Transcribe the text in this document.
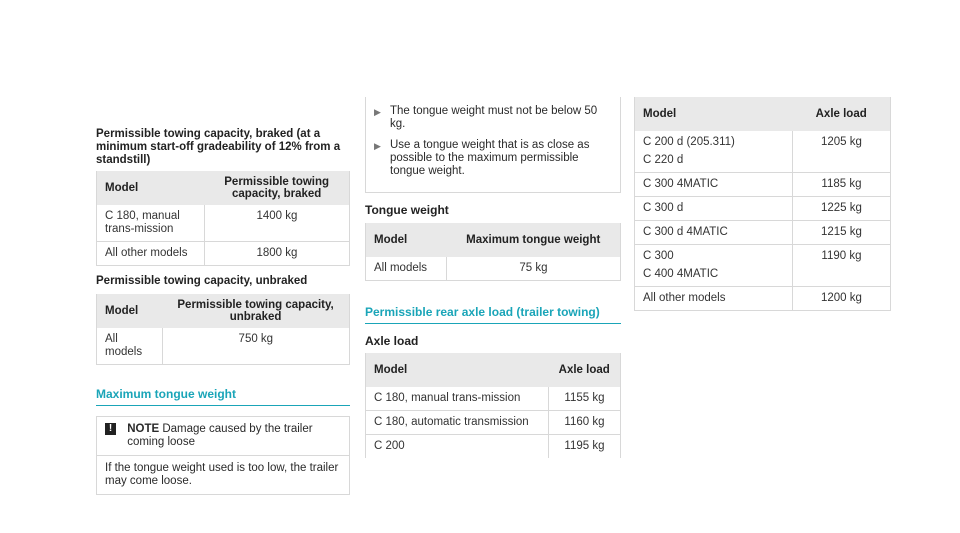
Permissible towing capacity, braked (at a minimum start-off gradeability of 12% from a standstill)
Model	Permissible towing capacity, braked
C 180, manual trans-mission	1400 kg
All other models	1800 kg
Permissible towing capacity, unbraked
Model	Permissible towing capacity, unbraked
All models	750 kg
Maximum tongue weight
! NOTE Damage caused by the trailer coming loose
If the tongue weight used is too low, the trailer may come loose.
▶ The tongue weight must not be below 50 kg.
▶ Use a tongue weight that is as close as possible to the maximum permissible tongue weight.
Tongue weight
Model	Maximum tongue weight
All models	75 kg
Permissible rear axle load (trailer towing)
Axle load
Model	Axle load
C 180, manual trans-mission	1155 kg
C 180, automatic transmission	1160 kg
C 200	1195 kg
Model	Axle load

C 200 d (205.311)
C 220 d	1205 kg
C 300 4MATIC	1185 kg
C 300 d	1225 kg
C 300 d 4MATIC	1215 kg

C 300
C 400 4MATIC	1190 kg
All other models	1200 kg
